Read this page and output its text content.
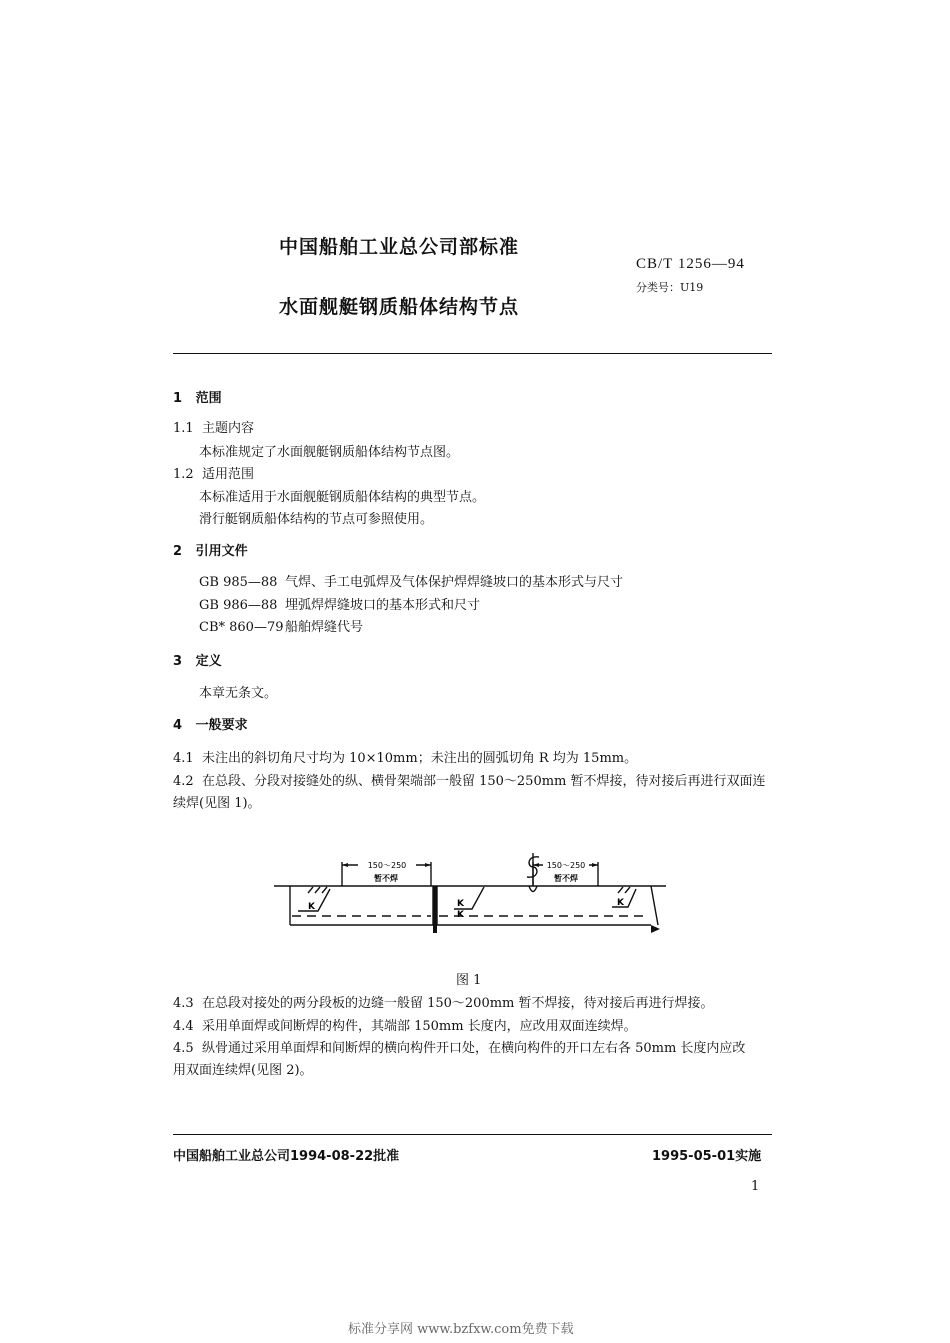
中国船舶工业总公司部标准
CB/T 1256—94
分类号：U19
水面舰艇钢质船体结构节点
1 范围
1.1 主题内容
本标准规定了水面舰艇钢质船体结构节点图。
1.2 适用范围
本标准适用于水面舰艇钢质船体结构的典型节点。
滑行艇钢质船体结构的节点可参照使用。
2 引用文件
GB 985—88 气焊、手工电弧焊及气体保护焊焊缝坡口的基本形式与尺寸
GB 986—88 埋弧焊焊缝坡口的基本形式和尺寸
CB* 860—79 船舶焊缝代号
3 定义
本章无条文。
4 一般要求
4.1 未注出的斜切角尺寸均为 10×10mm；未注出的圆弧切角 R 均为 15mm。
4.2 在总段、分段对接缝处的纵、横骨架端部一般留 150～250mm 暂不焊接，待对接后再进行双面连
续焊(见图 1)。
150～250	150～250
暂不焊	暂不焊
K	K
K
K
图 1
4.3 在总段对接处的两分段板的边缝一般留 150～200mm 暂不焊接，待对接后再进行焊接。
4.4 采用单面焊或间断焊的构件，其端部 150mm 长度内，应改用双面连续焊。
4.5 纵骨通过采用单面焊和间断焊的横向构件开口处，在横向构件的开口左右各 50mm 长度内应改
用双面连续焊(见图 2)。
中国船舶工业总公司1994-08-22批准	1995-05-01实施
1
标准分享网 www.bzfxw.com免费下载
